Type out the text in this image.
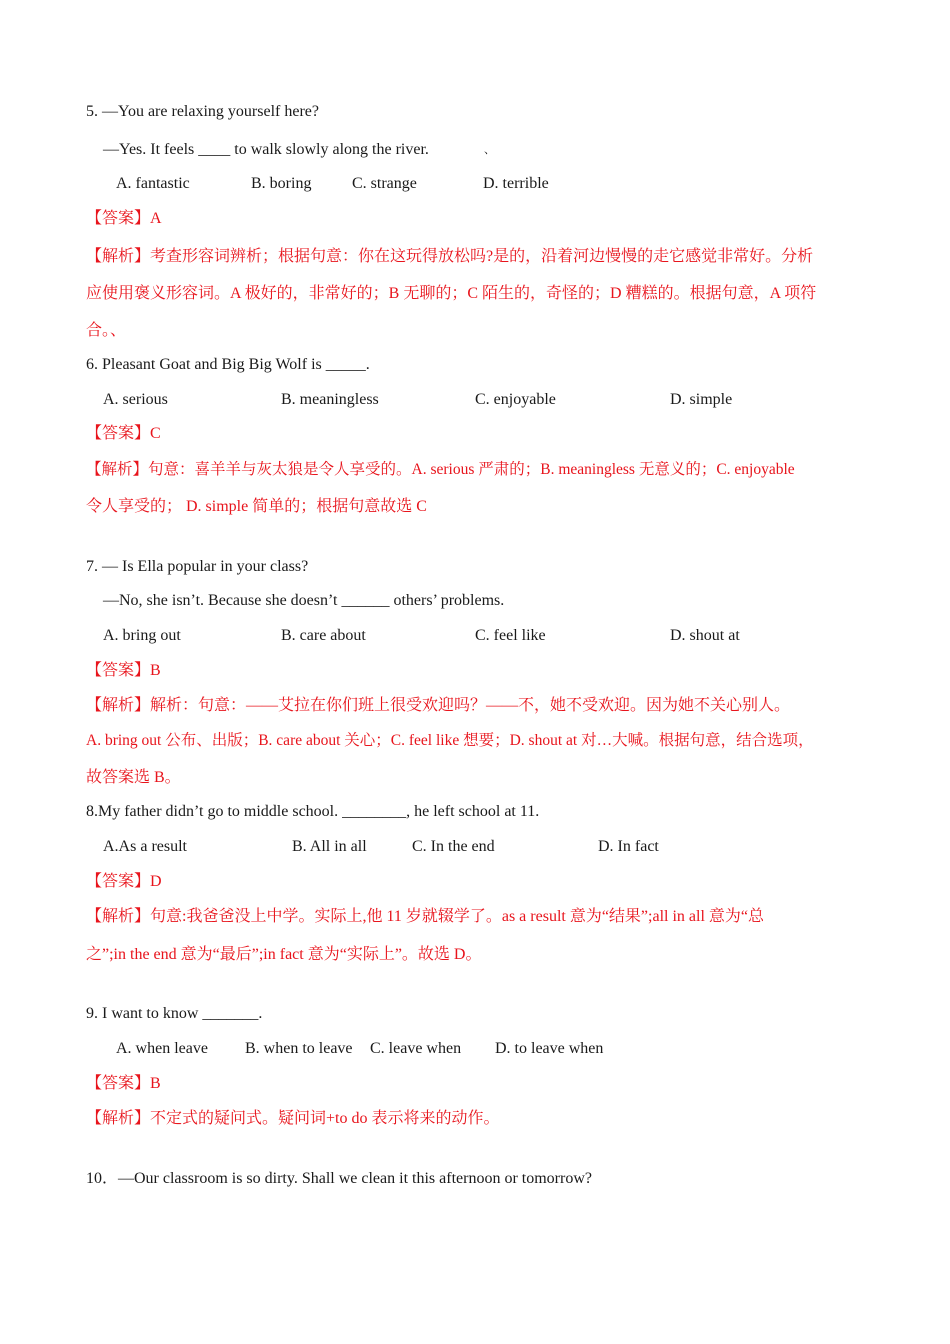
5. —You are relaxing yourself here?
—Yes. It feels ____ to walk slowly along the river.	、
A. fantastic	B. boring	C. strange	D. terrible
【答案】A
【解析】考查形容词辨析；根据句意：你在这玩得放松吗?是的，沿着河边慢慢的走它感觉非常好。分析
应使用褒义形容词。A 极好的，非常好的；B 无聊的；C 陌生的，奇怪的；D 糟糕的。根据句意，A 项符
合。、
6. Pleasant Goat and Big Big Wolf is _____.
A. serious	B. meaningless	C. enjoyable	D. simple
【答案】C
【解析】句意：喜羊羊与灰太狼是令人享受的。A. serious 严肃的；B. meaningless 无意义的；C. enjoyable
令人享受的； D. simple 简单的；根据句意故选 C
7. — Is Ella popular in your class?
—No, she isn’t. Because she doesn’t ______ others’ problems.
A. bring out	B. care about	C. feel like	D. shout at
【答案】B
【解析】解析：句意：——艾拉在你们班上很受欢迎吗？——不，她不受欢迎。因为她不关心别人。
A. bring out 公布、出版；B. care about 关心；C. feel like 想要；D. shout at 对…大喊。根据句意，结合选项，
故答案选 B。
8.My father didn’t go to middle school. ________, he left school at 11.
A.As a result	B. All in all	C. In the end	D. In fact
【答案】D
【解析】句意:我爸爸没上中学。实际上,他 11 岁就辍学了。as a result 意为“结果”;all in all 意为“总
之”;in the end 意为“最后”;in fact 意为“实际上”。故选 D。
9. I want to know _______.
A. when leave B. when to leave C. leave when D. to leave when
【答案】B
【解析】不定式的疑问式。疑问词+to do 表示将来的动作。
10．—Our classroom is so dirty. Shall we clean it this afternoon or tomorrow?
